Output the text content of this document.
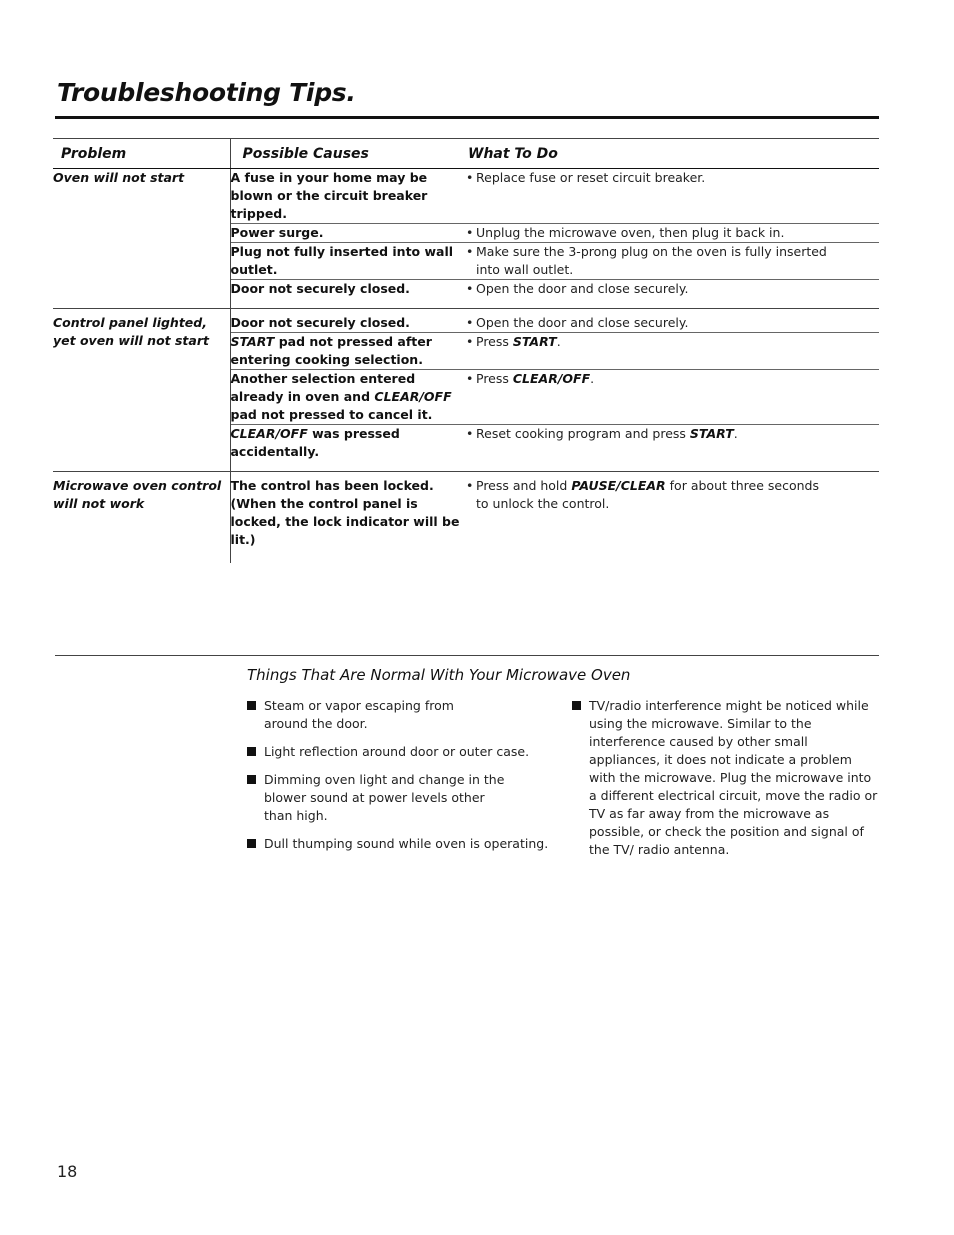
Troubleshooting Tips.
Problem	Possible Causes	What To Do
Oven will not start	A fuse in your home may be blown or the circuit breaker tripped.	• Replace fuse or reset circuit breaker.

	Power surge.	• Unplug the microwave oven, then plug it back in.

	Plug not fully inserted into wall outlet.	• Make sure the 3-prong plug on the oven is fully inserted into wall outlet.

	Door not securely closed.	• Open the door and close securely.

Control panel lighted, yet oven will not start	Door not securely closed.	• Open the door and close securely.

	START pad not pressed after entering cooking selection.	• Press START.

	Another selection entered already in oven and CLEAR/OFF pad not pressed to cancel it.	• Press CLEAR/OFF.

	CLEAR/OFF was pressed accidentally.	• Reset cooking program and press START.

Microwave oven control will not work	The control has been locked. (When the control panel is locked, the lock indicator will be lit.)	• Press and hold PAUSE/CLEAR for about three seconds to unlock the control.
Things That Are Normal With Your Microwave Oven
Steam or vapor escaping from around the door.
Light reflection around door or outer case.
Dimming oven light and change in the blower sound at power levels other than high.
Dull thumping sound while oven is operating.
TV/radio interference might be noticed while using the microwave. Similar to the interference caused by other small appliances, it does not indicate a problem with the microwave. Plug the microwave into a different electrical circuit, move the radio or TV as far away from the microwave as possible, or check the position and signal of the TV/ radio antenna.
18
